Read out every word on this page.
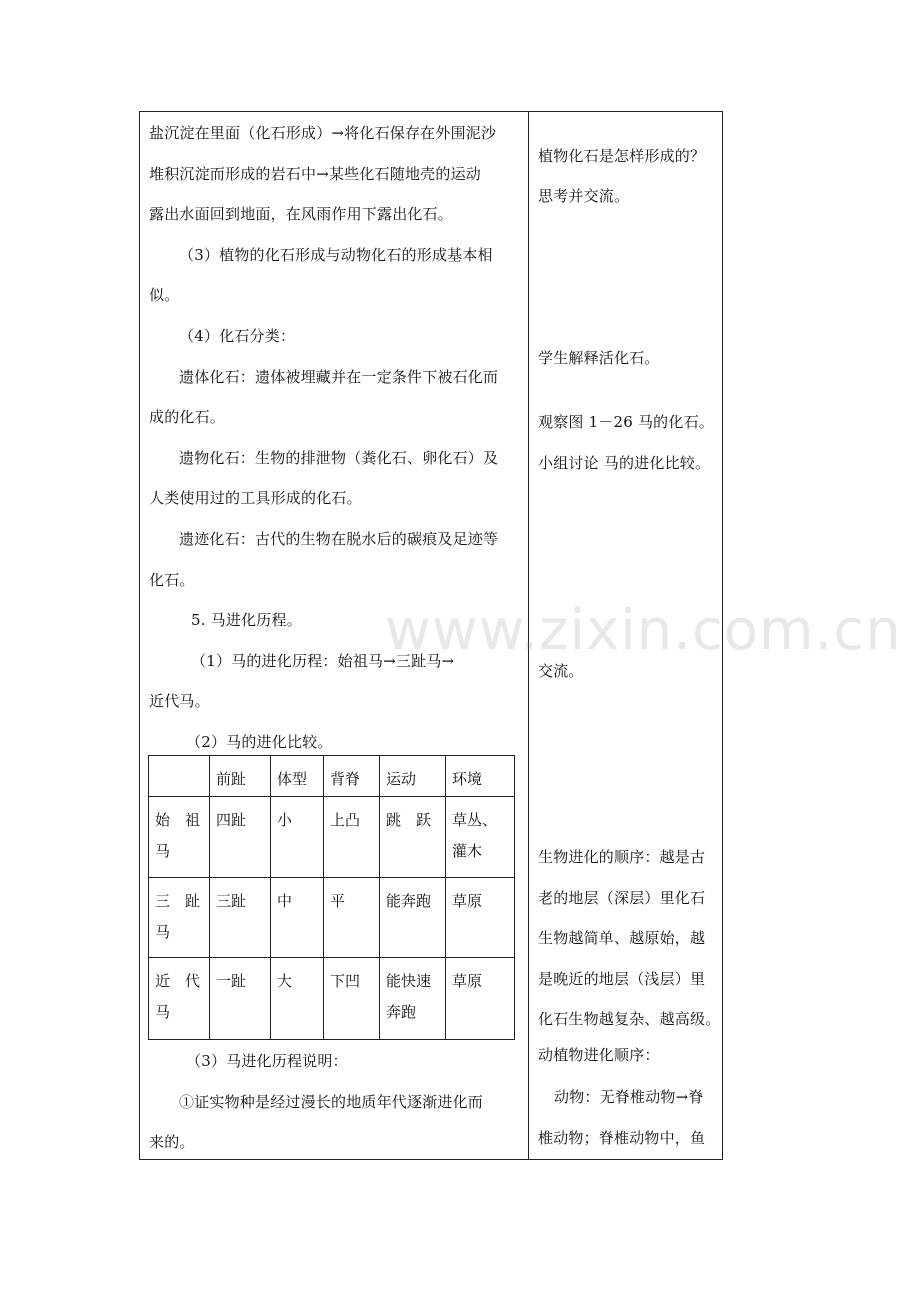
盐沉淀在里面（化石形成）→将化石保存在外围泥沙
堆积沉淀而形成的岩石中→某些化石随地壳的运动
露出水面回到地面，在风雨作用下露出化石。
（3）植物的化石形成与动物化石的形成基本相
似。
（4）化石分类：
遗体化石：遗体被埋藏并在一定条件下被石化而
成的化石。
遗物化石：生物的排泄物（粪化石、卵化石）及
人类使用过的工具形成的化石。
遗迹化石：古代的生物在脱水后的碳痕及足迹等
化石。
5. 马进化历程。
（1）马的进化历程：始祖马→三趾马→
近代马。
（2）马的进化比较。
	前趾	体型	背脊	运动	环境
始　祖马	四趾	小	上凸	跳　跃	草丛、灌木
三　趾马	三趾	中	平	能奔跑	草原
近　代马	一趾	大	下凹	能快速奔跑	草原
（3）马进化历程说明：
①证实物种是经过漫长的地质年代逐渐进化而
来的。
植物化石是怎样形成的？
思考并交流。
学生解释活化石。
观察图 1－26 马的化石。
小组讨论 马的进化比较。
交流。
生物进化的顺序：越是古
老的地层（深层）里化石
生物越简单、越原始，越
是晚近的地层（浅层）里
化石生物越复杂、越高级。
动植物进化顺序：
动物：无脊椎动物→脊
椎动物；脊椎动物中，鱼
www.zixin.com.cn
